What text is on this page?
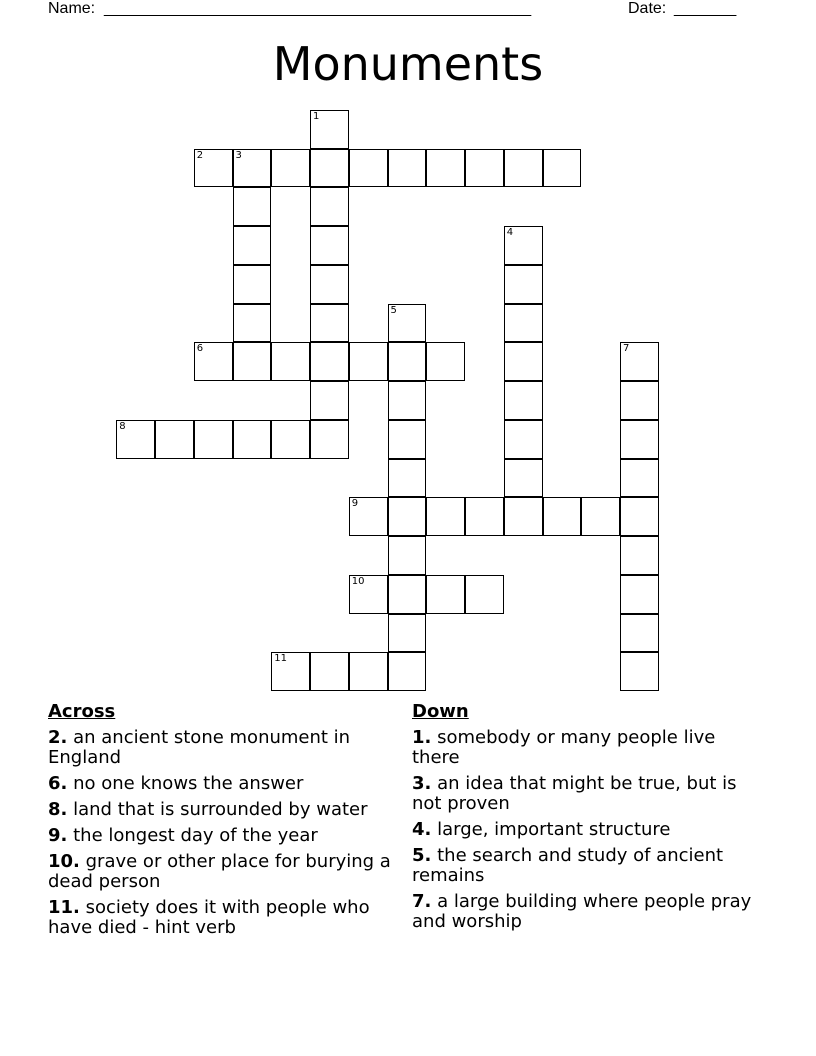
Name: ________________________________________________	Date: _______
Monuments
1
2	3
4
5
6	7
8
9
10
11
Across
2. an ancient stone monument in England
6. no one knows the answer
8. land that is surrounded by water
9. the longest day of the year
10. grave or other place for burying a dead person
11. society does it with people who have died - hint verb
Down
1. somebody or many people live there
3. an idea that might be true, but is not proven
4. large, important structure
5. the search and study of ancient remains
7. a large building where people pray and worship
